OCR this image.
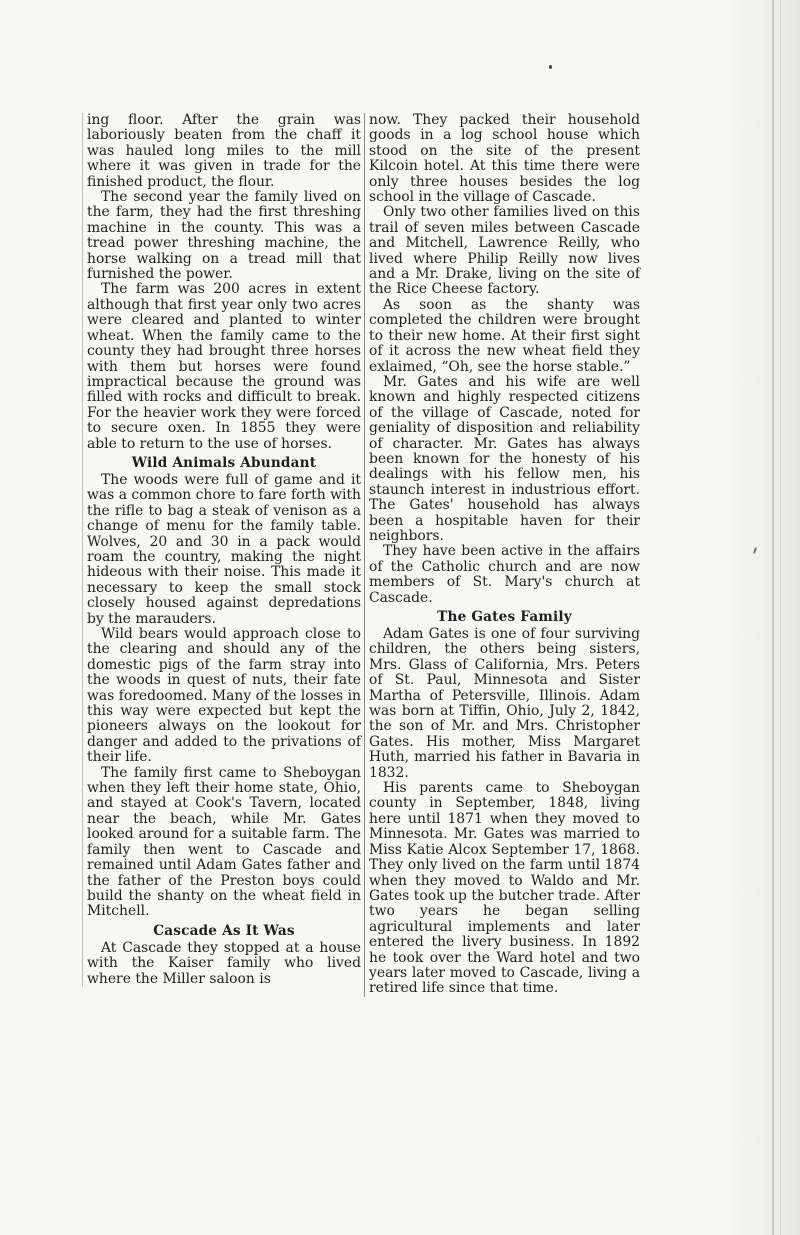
ing floor. After the grain was laboriously beaten from the chaff it was hauled long miles to the mill where it was given in trade for the finished product, the flour.

The second year the family lived on the farm, they had the first threshing machine in the county. This was a tread power threshing machine, the horse walking on a tread mill that furnished the power.

The farm was 200 acres in extent although that first year only two acres were cleared and planted to winter wheat. When the family came to the county they had brought three horses with them but horses were found impractical because the ground was filled with rocks and difficult to break. For the heavier work they were forced to secure oxen. In 1855 they were able to return to the use of horses.

Wild Animals Abundant

The woods were full of game and it was a common chore to fare forth with the rifle to bag a steak of venison as a change of menu for the family table. Wolves, 20 and 30 in a pack would roam the country, making the night hideous with their noise. This made it necessary to keep the small stock closely housed against depredations by the marauders.

Wild bears would approach close to the clearing and should any of the domestic pigs of the farm stray into the woods in quest of nuts, their fate was foredoomed. Many of the losses in this way were expected but kept the pioneers always on the lookout for danger and added to the privations of their life.

The family first came to Sheboygan when they left their home state, Ohio, and stayed at Cook's Tavern, located near the beach, while Mr. Gates looked around for a suitable farm. The family then went to Cascade and remained until Adam Gates father and the father of the Preston boys could build the shanty on the wheat field in Mitchell.

Cascade As It Was

At Cascade they stopped at a house with the Kaiser family who lived where the Miller saloon is

now. They packed their household goods in a log school house which stood on the site of the present Kilcoin hotel. At this time there were only three houses besides the log school in the village of Cascade.

Only two other families lived on this trail of seven miles between Cascade and Mitchell, Lawrence Reilly, who lived where Philip Reilly now lives and a Mr. Drake, living on the site of the Rice Cheese factory.

As soon as the shanty was completed the children were brought to their new home. At their first sight of it across the new wheat field they exlaimed, “Oh, see the horse stable.”

Mr. Gates and his wife are well known and highly respected citizens of the village of Cascade, noted for geniality of disposition and reliability of character. Mr. Gates has always been known for the honesty of his dealings with his fellow men, his staunch interest in industrious effort. The Gates' household has always been a hospitable haven for their neighbors.

They have been active in the affairs of the Catholic church and are now members of St. Mary's church at Cascade.

The Gates Family

Adam Gates is one of four surviving children, the others being sisters, Mrs. Glass of California, Mrs. Peters of St. Paul, Minnesota and Sister Martha of Petersville, Illinois. Adam was born at Tiffin, Ohio, July 2, 1842, the son of Mr. and Mrs. Christopher Gates. His mother, Miss Margaret Huth, married his father in Bavaria in 1832.

His parents came to Sheboygan county in September, 1848, living here until 1871 when they moved to Minnesota. Mr. Gates was married to Miss Katie Alcox September 17, 1868. They only lived on the farm until 1874 when they moved to Waldo and Mr. Gates took up the butcher trade. After two years he began selling agricultural implements and later entered the livery business. In 1892 he took over the Ward hotel and two years later moved to Cascade, living a retired life since that time.
